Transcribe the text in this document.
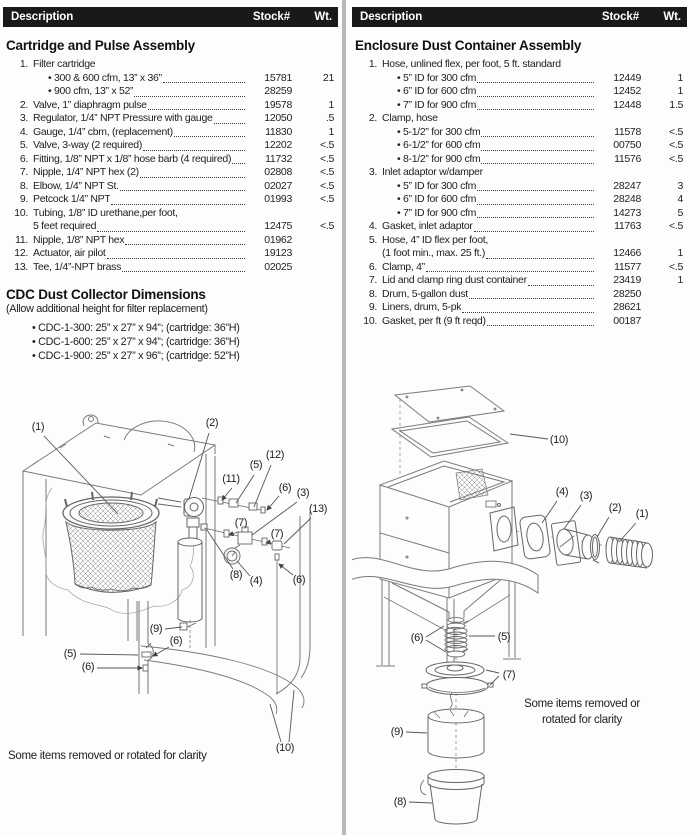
Description	Stock#	Wt.
Cartridge and Pulse Assembly
1. Filter cartridge
• 300 & 600 cfm, 13” x 36”	15781	21
• 900 cfm, 13” x 52”	28259
2. Valve, 1” diaphragm pulse	19578	1
3. Regulator, 1/4” NPT Pressure with gauge	12050	.5
4. Gauge, 1/4” cbm, (replacement)	11830	1
5. Valve, 3-way (2 required)	12202	<.5
6. Fitting, 1/8” NPT x 1/8” hose barb (4 required)	11732	<.5
7. Nipple, 1/4” NPT hex (2)	02808	<.5
8. Elbow, 1/4” NPT St.	02027	<.5
9. Petcock 1/4” NPT	01993	<.5
10. Tubing, 1/8” ID urethane,per foot,
5 feet required	12475	<.5
11. Nipple, 1/8” NPT hex	01962
12. Actuator, air pilot	19123
13. Tee, 1/4”-NPT brass	02025
CDC Dust Collector Dimensions
(Allow additional height for filter replacement)
• CDC-1-300: 25” x 27” x 94”; (cartridge: 36”H)
• CDC-1-600: 25” x 27” x 94”; (cartridge: 36”H)
• CDC-1-900: 25” x 27” x 96”; (cartridge: 52”H)
Description	Stock#	Wt.
Enclosure Dust Container Assembly
1. Hose, unlined flex, per foot, 5 ft. standard
• 5” ID for 300 cfm	12449	1
• 6” ID for 600 cfm	12452	1
• 7” ID for 900 cfm	12448	1.5
2. Clamp, hose
• 5-1/2” for 300 cfm	11578	<.5
• 6-1/2” for 600 cfm	00750	<.5
• 8-1/2” for 900 cfm	11576	<.5
3. Inlet adaptor w/damper
• 5” ID for 300 cfm	28247	3
• 6” ID for 600 cfm	28248	4
• 7” ID for 900 cfm	14273	5
4. Gasket, inlet adaptor	11763	<.5
5. Hose, 4” ID flex per foot,
(1 foot min., max. 25 ft.)	12466	1
6. Clamp, 4”	11577	<.5
7. Lid and clamp ring dust container	23419	1
8. Drum, 5-gallon dust	28250
9. Liners, drum, 5-pk	28621
10. Gasket, per ft (9 ft reqd)	00187
(1)	(2)
(11)
(5)
(12)
(6) (3)
(13)
(7)
(7)
(8) (4)	(6)
(9)
(6)
(5)
(6)
(10)
Some items removed or rotated for clarity
(10)
(4) (3)
(2) (1)
(6)	(5)
(7)
(9)
(8)
Some items removed or
rotated for clarity
